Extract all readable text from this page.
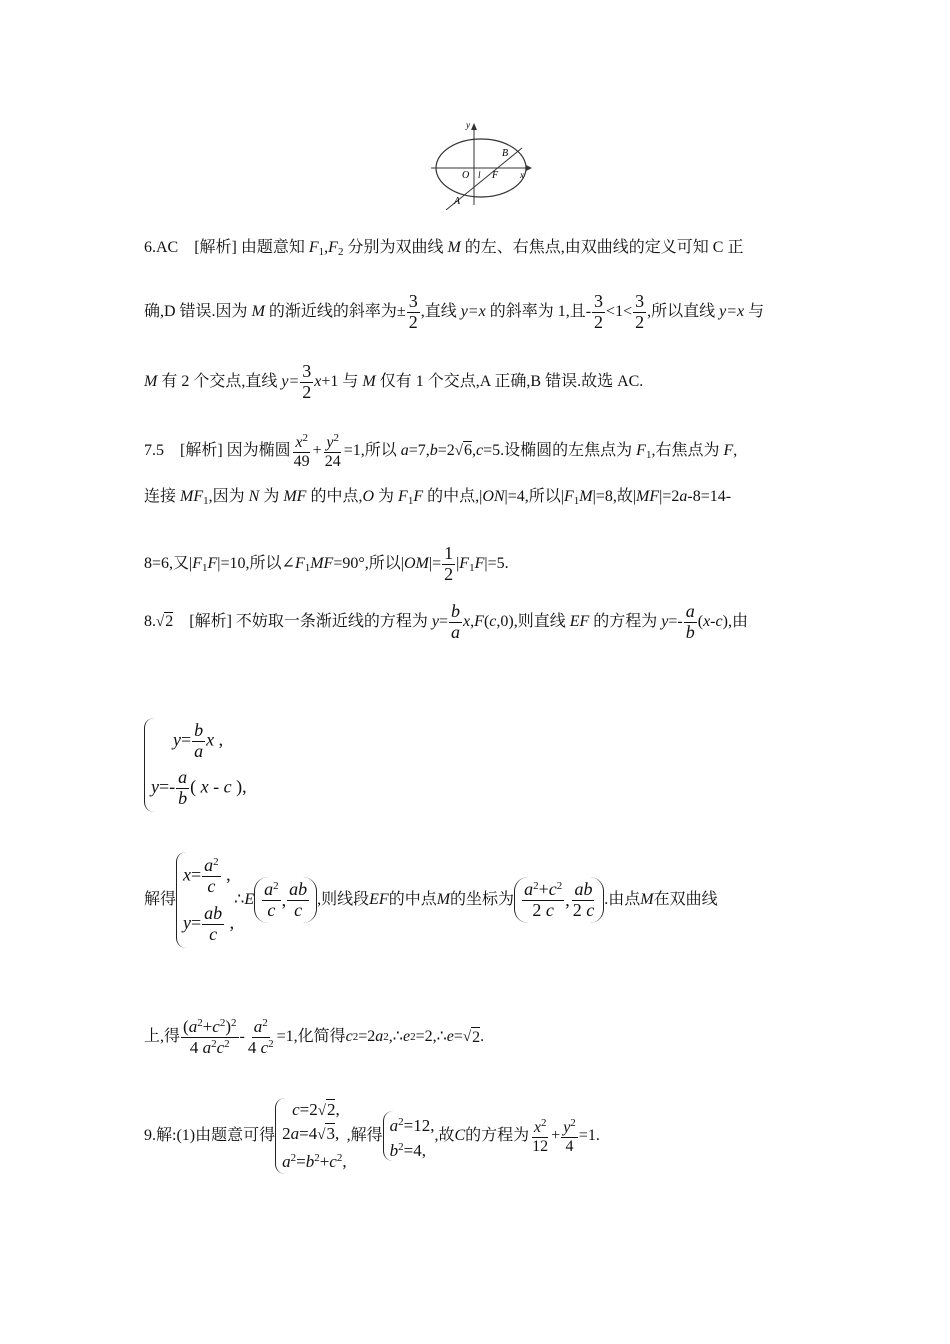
y
x
O l F
A
B
6.AC　[解析] 由题意知 $F_1,F_2$ 分别为双曲线 M 的左、右焦点,由双曲线的定义可知 C 正
确,D 错误.因为 M 的渐近线的斜率为± $\frac{3}{2}$ ,直线 y=x 的斜率为 1,且- $\frac{3}{2} <1< \frac{3}{2}$ ,所以直线 y=x 与
M 有 2 个交点,直线 $y= \frac{3}{2} x+1$ 与 M 仅有 1 个交点,A 正确,B 错误.故选 AC.
7.5　[解析] 因为椭圆 $\frac{x^2}{49} + \frac{y^2}{24} =1$,所以 a=7,b=2√6,c=5.设椭圆的左焦点为 $F_1$,右焦点为 F,
连接 $MF_1$,因为 N 为 MF 的中点,O 为 $F_1F$ 的中点,|ON|=4,所以$|F_1M|=8$,故|MF|=2a-8=14-
8=6,又$|F_1F|=10$,所以$\angle F_1MF=90^\circ$,所以$|OM|= \frac{1}{2} |F_1F|=5$.
8.√2　[解析] 不妨取一条渐近线的方程为 $y= \frac{b}{a} x,F(c,0)$,则直线 EF 的方程为 $y=- \frac{a}{b} (x-c)$,由
$y= \frac{b}{a}$ x ,
$y=- \frac{a}{b}$ ( x - c ),
解得
$x= \frac{a^2}{c}$ ,
$y= \frac{ab}{c}$ ,
∴ E $\frac{a^2}{c}$ , $\frac{ab}{c}$ ,则线段 EF 的中点 M 的坐标为 $\frac{a^2+c^2}{2 c}$ , $\frac{ab}{2 c}$ .由点 M 在双曲线
上,得 $\frac{(a^2+c^2)^2}{4 a^2c^2} - \frac{a^2}{4 c^2} =1$,化简得 c 2 =2 a 2 ,∴ e 2 =2,∴ e = √ 2 .
9.解:(1)由题意可得
c=2√2,
2a=4√3,
$a^2=b^2+c^2$,
,解得
$a^2=12$,
$b^2=4$,
,故 C 的方程为 $\frac{x^2}{12} + \frac{y^2}{4} =1$.
